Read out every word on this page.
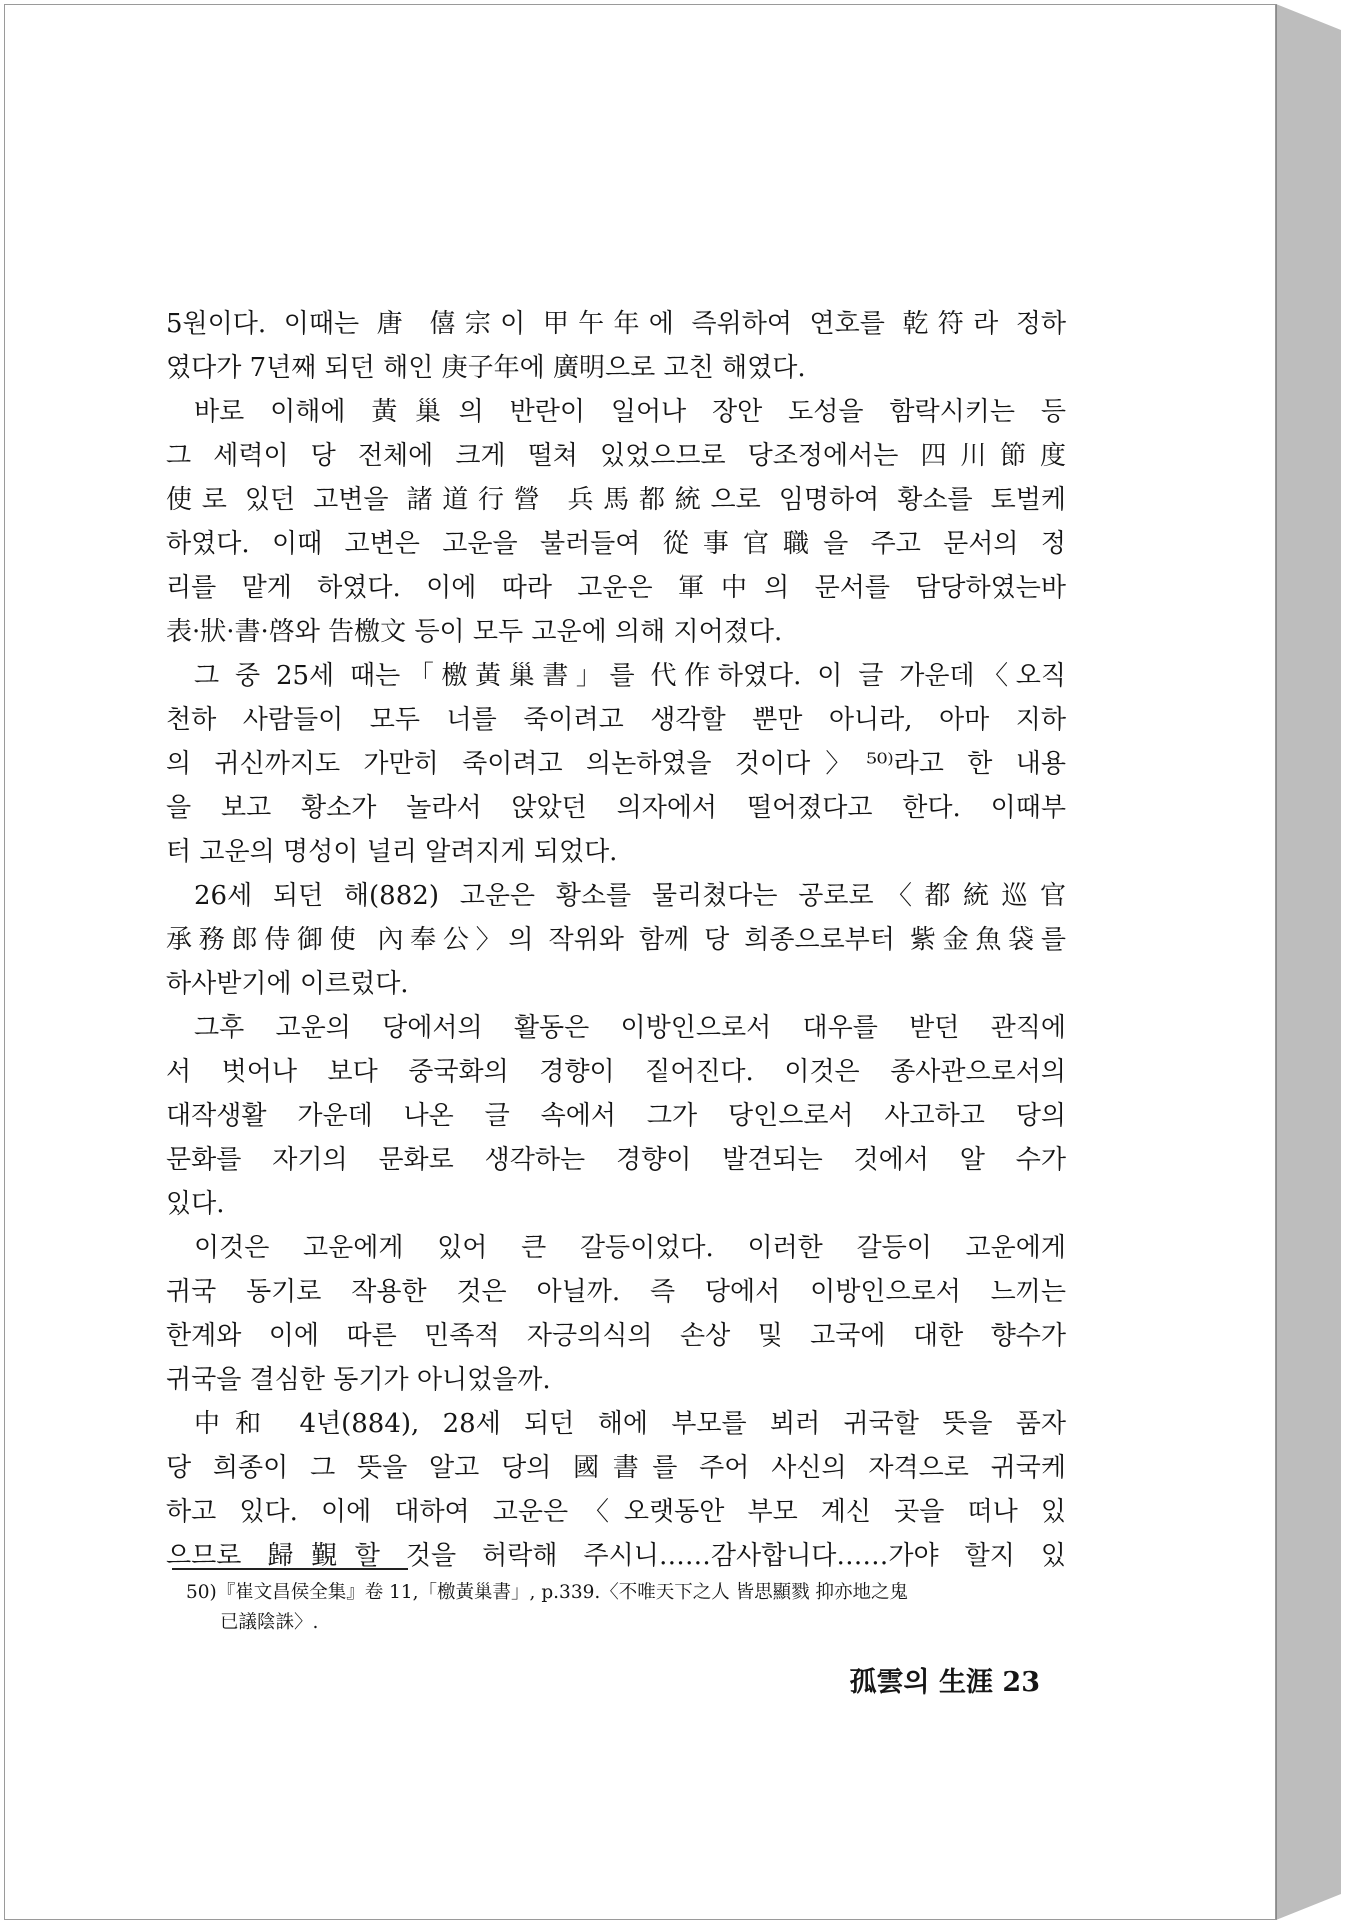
5원이다. 이때는 唐 僖宗이 甲午年에 즉위하여 연호를 乾符라 정하
였다가 7년째 되던 해인 庚子年에 廣明으로 고친 해였다.
바로 이해에 黃巢의 반란이 일어나 장안 도성을 함락시키는 등
그 세력이 당 전체에 크게 떨쳐 있었으므로 당조정에서는 四川節度
使로 있던 고변을 諸道行營 兵馬都統으로 임명하여 황소를 토벌케
하였다. 이때 고변은 고운을 불러들여 從事官職을 주고 문서의 정
리를 맡게 하였다. 이에 따라 고운은 軍中의 문서를 담당하였는바
表·狀·書·啓와 告檄文 등이 모두 고운에 의해 지어졌다.
그 중 25세 때는「檄黃巢書」를 代作하였다. 이 글 가운데〈오직
천하 사람들이 모두 너를 죽이려고 생각할 뿐만 아니라, 아마 지하
의 귀신까지도 가만히 죽이려고 의논하였을 것이다〉⁵⁰⁾라고 한 내용
을 보고 황소가 놀라서 앉았던 의자에서 떨어졌다고 한다. 이때부
터 고운의 명성이 널리 알려지게 되었다.
26세 되던 해(882) 고운은 황소를 물리쳤다는 공로로〈都統巡官
承務郎侍御使 內奉公〉의 작위와 함께 당 희종으로부터 紫金魚袋를
하사받기에 이르렀다.
그후 고운의 당에서의 활동은 이방인으로서 대우를 받던 관직에
서 벗어나 보다 중국화의 경향이 짙어진다. 이것은 종사관으로서의
대작생활 가운데 나온 글 속에서 그가 당인으로서 사고하고 당의
문화를 자기의 문화로 생각하는 경향이 발견되는 것에서 알 수가
있다.
이것은 고운에게 있어 큰 갈등이었다. 이러한 갈등이 고운에게
귀국 동기로 작용한 것은 아닐까. 즉 당에서 이방인으로서 느끼는
한계와 이에 따른 민족적 자긍의식의 손상 및 고국에 대한 향수가
귀국을 결심한 동기가 아니었을까.
中和 4년(884), 28세 되던 해에 부모를 뵈러 귀국할 뜻을 품자
당 희종이 그 뜻을 알고 당의 國書를 주어 사신의 자격으로 귀국케
하고 있다. 이에 대하여 고운은〈오랫동안 부모 계신 곳을 떠나 있
으므로 歸覲할 것을 허락해 주시니……감사합니다……가야 할지 있
50)『崔文昌侯全集』卷 11,「檄黃巢書」, p.339.〈不唯天下之人 皆思顯戮 抑亦地之鬼
已議陰誅〉.
孤雲의 生涯 23
